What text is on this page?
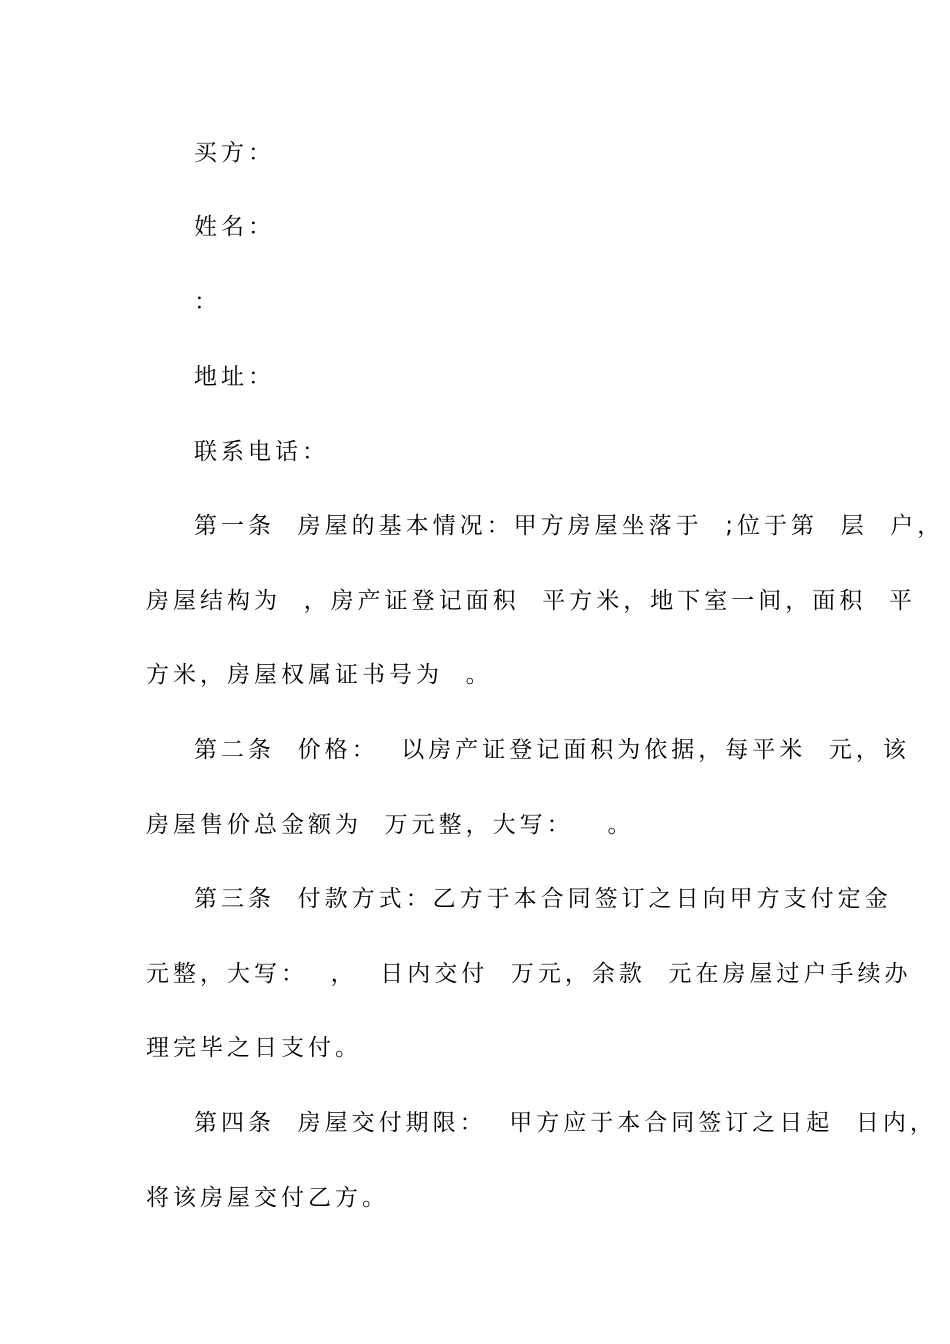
买方：
姓名：
：
地址：
联系电话：
第一条  房屋的基本情况：甲方房屋坐落于  ;位于第  层  户，
房屋结构为  ，房产证登记面积  平方米，地下室一间，面积  平
方米，房屋权属证书号为  。
第二条  价格：  以房产证登记面积为依据，每平米  元，该
房屋售价总金额为  万元整，大写：   。
第三条  付款方式：乙方于本合同签订之日向甲方支付定金
元整，大写：  ，  日内交付  万元，余款  元在房屋过户手续办
理完毕之日支付。
第四条  房屋交付期限：  甲方应于本合同签订之日起  日内，
将该房屋交付乙方。
